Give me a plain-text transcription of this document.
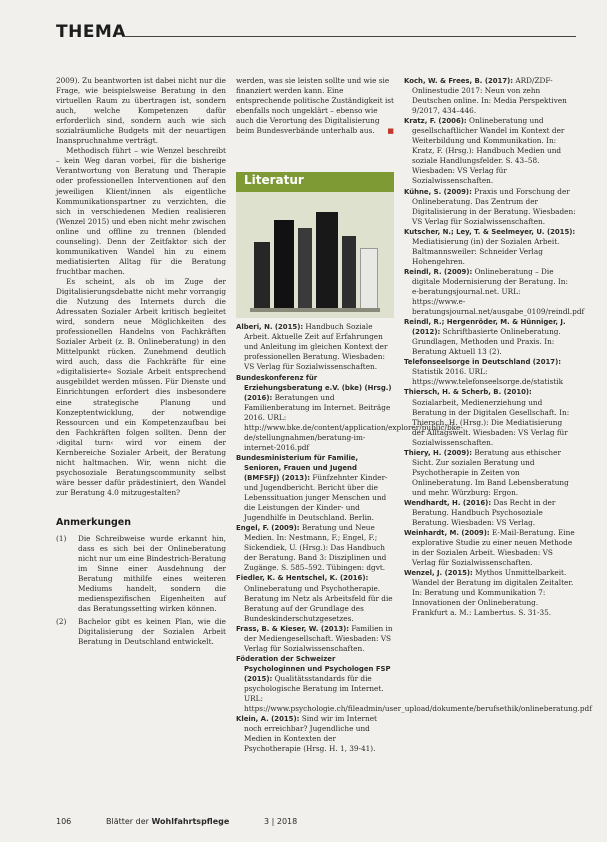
THEMA

2009). Zu beantworten ist dabei nicht nur die Frage, wie beispielsweise Beratung in den virtuellen Raum zu übertragen ist, sondern auch, welche Kompetenzen dafür erforderlich sind, sondern auch wie sich sozialräumliche Budgets mit der neuartigen Inanspruchnahme verträgt.

Methodisch führt – wie Wenzel beschreibt – kein Weg daran vorbei, für die bisherige Verantwortung von Beratung und Therapie oder professionellen Interventionen auf den jeweiligen Klient/innen als eigentliche Kommunikationspartner zu verzichten, die sich in verschiedenen Medien realisieren (Wenzel 2015) und eben nicht mehr zwischen online und offline zu trennen (blended counseling). Denn der Zeitfaktor sich der kommunikativen Wandel hin zu einem mediatisierten Alltag für die Beratung fruchtbar machen.

Es scheint, als ob im Zuge der Digitalisierungsdebatte nicht mehr vorrangig die Nutzung des Internets durch die Adressaten Sozialer Arbeit kritisch begleitet wird, sondern neue Möglichkeiten des professionellen Handelns von Fachkräften Sozialer Arbeit (z. B. Onlineberatung) in den Mittelpunkt rücken. Zunehmend deutlich wird auch, dass die Fachkräfte für eine »digitalisierte« Soziale Arbeit entsprechend ausgebildet werden müssen. Für Dienste und Einrichtungen erfordert dies insbesondere eine strategische Planung und Konzeptentwicklung, der notwendige Ressourcen und ein Kompetenzaufbau bei den Fachkräften folgen sollten. Denn der ›digital turn‹ wird vor einem der Kernbereiche Sozialer Arbeit, der Beratung nicht haltmachen. Wir, wenn nicht die psychosoziale Beratungscommunity selbst wäre besser dafür prädestiniert, den Wandel zur Beratung 4.0 mitzugestalten?

Anmerkungen
(1) Die Schreibweise wurde erkannt hin, dass es sich bei der Onlineberatung nicht nur um eine Bindestrich-Beratung im Sinne einer Ausdehnung der Beratung mithilfe eines weiteren Mediums handelt, sondern die medienspezifischen Eigenheiten auf das Beratungssetting wirken können.
(2) Bachelor gibt es keinen Plan, wie die Digitalisierung der Sozialen Arbeit Beratung in Deutschland entwickelt.

werden, was sie leisten sollte und wie sie finanziert werden kann. Eine entsprechende politische Zuständigkeit ist ebenfalls noch ungeklärt – ebenso wie auch die Verortung des Digitalisierung beim Bundesverbände unterhalb aus. ■

Literatur

Alberi, N. (2015): Handbuch Soziale Arbeit. Aktuelle Zeit auf Erfahrungen und Anleitung im gleichen Kontext der professionellen Beratung. Wiesbaden: VS Verlag für Sozialwissenschaften.

Bundeskonferenz für Erziehungsberatung e.V. (bke) (Hrsg.) (2016): Beratungen und Familienberatung im Internet. Beiträge 2016. URL: http://www.bke.de/content/application/explorer/public/bke-de/stellungnahmen/beratung-im-internet-2016.pdf

Bundesministerium für Familie, Senioren, Frauen und Jugend (BMFSFJ) (2013): Fünfzehnter Kinder- und Jugendbericht. Bericht über die Lebenssituation junger Menschen und die Leistungen der Kinder- und Jugendhilfe in Deutschland. Berlin.

Engel, F. (2009): Beratung und Neue Medien. In: Nestmann, F.; Engel, F.; Sickendiek, U. (Hrsg.): Das Handbuch der Beratung. Band 3: Disziplinen und Zugänge. S. 585–592. Tübingen: dgvt.

Fiedler, K. & Hentschel, K. (2016): Onlineberatung und Psychotherapie. Beratung im Netz als Arbeitsfeld für die Beratung auf der Grundlage des Bundeskinderschutzgesetzes.

Frass, B. & Kieser, W. (2013): Familien in der Mediengesellschaft. Wiesbaden: VS Verlag für Sozialwissenschaften.

Föderation der Schweizer Psychologinnen und Psychologen FSP (2015): Qualitätsstandards für die psychologische Beratung im Internet. URL: https://www.psychologie.ch/fileadmin/user_upload/dokumente/berufsethik/onlineberatung.pdf

Klein, A. (2015): Sind wir im Internet noch erreichbar? Jugendliche und Medien in Kontexten der Psychotherapie (Hrsg. H. 1, 39-41).

Koch, W. & Frees, B. (2017): ARD/ZDF-Onlinestudie 2017: Neun von zehn Deutschen online. In: Media Perspektiven 9/2017, 434–446.

Kratz, F. (2006): Onlineberatung und gesellschaftlicher Wandel im Kontext der Weiterbildung und Kommunikation. In: Kratz, F. (Hrsg.): Handbuch Medien und soziale Handlungsfelder. S. 43–58. Wiesbaden: VS Verlag für Sozialwissenschaften.

Kühne, S. (2009): Praxis und Forschung der Onlineberatung. Das Zentrum der Digitalisierung in der Beratung. Wiesbaden: VS Verlag für Sozialwissenschaften.

Kutscher, N.; Ley, T. & Seelmeyer, U. (2015): Mediatisierung (in) der Sozialen Arbeit. Baltmannsweiler: Schneider Verlag Hohengehren.

Reindl, R. (2009): Onlineberatung – Die digitale Modernisierung der Beratung. In: e-beratungsjournal.net. URL: https://www.e-beratungsjournal.net/ausgabe_0109/reindl.pdf

Reindl, R.; Hergenröder, M. & Hünniger, J. (2012): Schriftbasierte Onlineberatung. Grundlagen, Methoden und Praxis. In: Beratung Aktuell 13 (2).

Telefonseelsorge in Deutschland (2017): Statistik 2016. URL: https://www.telefonseelsorge.de/statistik

Thiersch, H. & Scherb, B. (2010): Sozialarbeit, Medienerziehung und Beratung in der Digitalen Gesellschaft. In: Thiersch, H. (Hrsg.): Die Mediatisierung der Alltagswelt. Wiesbaden: VS Verlag für Sozialwissenschaften.

Thiery, H. (2009): Beratung aus ethischer Sicht. Zur sozialen Beratung und Psychotherapie in Zeiten von Onlineberatung. Im Band Lebensberatung und mehr. Würzburg: Ergon.

Wendhardt, H. (2016): Das Recht in der Beratung. Handbuch Psychosoziale Beratung. Wiesbaden: VS Verlag.

Weinhardt, M. (2009): E-Mail-Beratung. Eine explorative Studie zu einer neuen Methode in der Sozialen Arbeit. Wiesbaden: VS Verlag für Sozialwissenschaften.

Wenzel, J. (2015): Mythos Unmittelbarkeit. Wandel der Beratung im digitalen Zeitalter. In: Beratung und Kommunikation 7: Innovationen der Onlineberatung. Frankfurt a. M.: Lambertus. S. 31-35.

106	Blätter der Wohlfahrtspflege	3 | 2018
